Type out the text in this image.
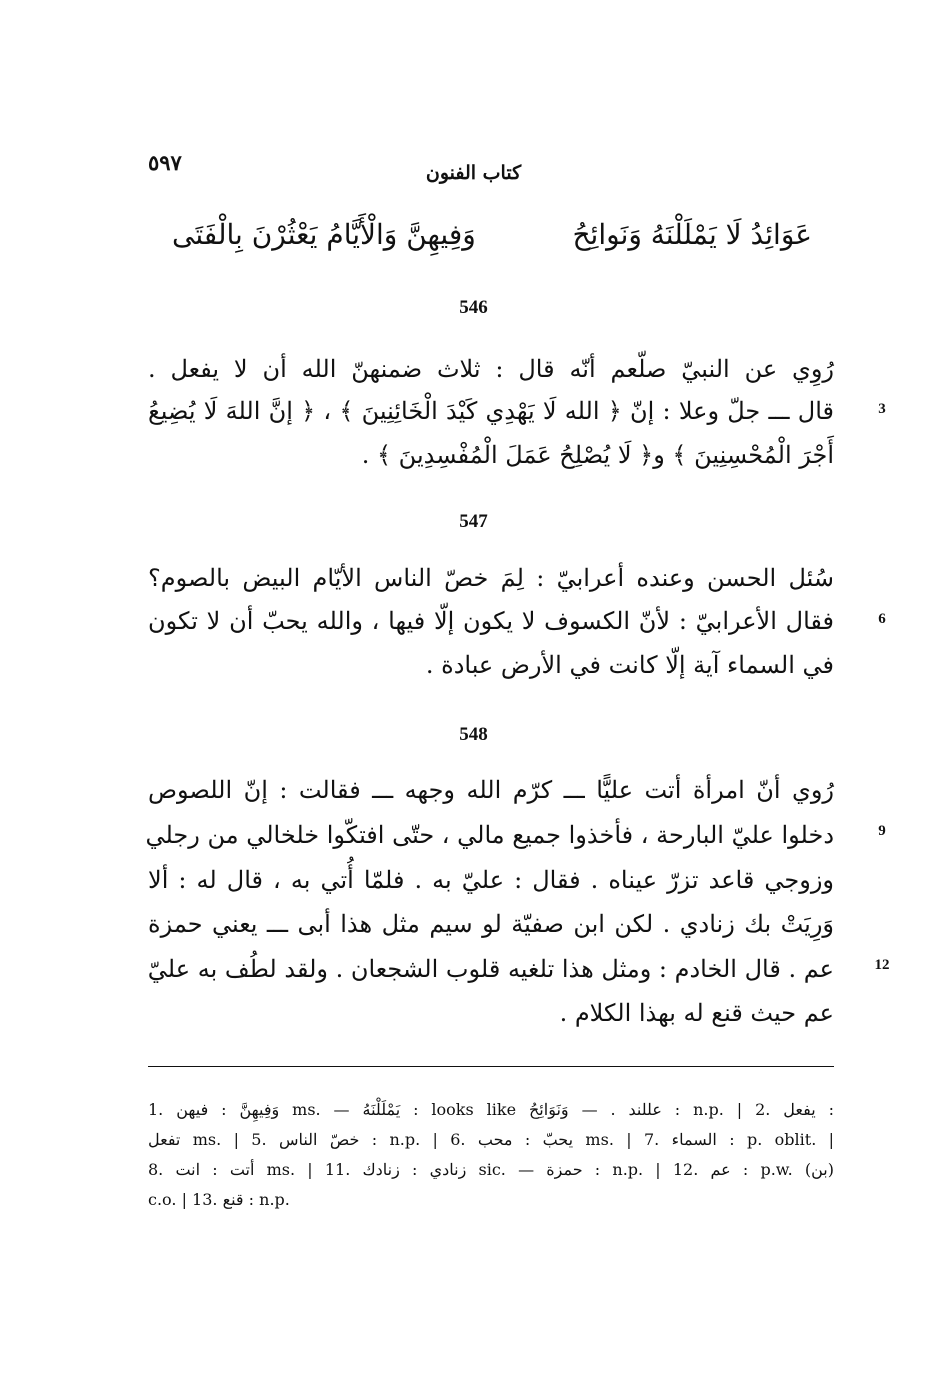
٥٩٧	كتاب الفنون
عَوَائِدُ لَا يَمْلَلْنَهُ وَنَوائِحُ
وَفِيهِنَّ وَالْأَيَّامُ يَعْثُرْنَ بِالْفَتَى
546
رُوِي عن النبيّ صلّعم أنّه قال : ثلاث ضمنهنّ الله أن لا يفعل .
قال ـــ جلّ وعلا : إنّ ﴿ الله لَا يَهْدِي كَيْدَ الْخَائِنِينَ ﴾ ، ﴿ إنَّ اللهَ لَا يُضِيعُ	3
أَجْرَ الْمُحْسِنِينَ ﴾ و﴿ لَا يُصْلِحُ عَمَلَ الْمُفْسِدِينَ ﴾ .
547
سُئل الحسن وعنده أعرابيّ : لِمَ خصّ الناس الأيّام البيض بالصوم؟
فقال الأعرابيّ : لأنّ الكسوف لا يكون إلّا فيها ، والله يحبّ أن لا تكون	6
في السماء آية إلّا كانت في الأرض عبادة .
548
رُوي أنّ امرأة أتت عليًّا ـــ كرّم الله وجهه ـــ فقالت : إنّ اللصوص
دخلوا عليّ البارحة ، فأخذوا جميع مالي ، حتّى افتكّوا خلخالي من رجلي	9
وزوجي قاعد تزرّ عيناه . فقال : عليّ به . فلمّا أُتي به ، قال له : ألا
وَرِيَتْ بك زنادي . لكن ابن صفيّة لو سيم مثل هذا أبى ـــ يعني حمزة
عم . قال الخادم : ومثل هذا تلغيه قلوب الشجعان . ولقد لطُف به عليّ	12
عم حيث قنع له بهذا الكلام .
1. وَفِيهِنَّ : فيهن ms. — يَمْلَلْنَهُ : looks like عللند . — وَنَوَائِحُ : n.p. | 2. يفعل :
تفعل ms. | 5. خصّ الناس : n.p. | 6. يحبّ : محب ms. | 7. السماء : p. oblit. |
8. أتت : انت ms. | 11. زنادي : زنادك sic. — حمزة : n.p. | 12. عم : p.w. (بن)
c.o. | 13. قنع : n.p.
